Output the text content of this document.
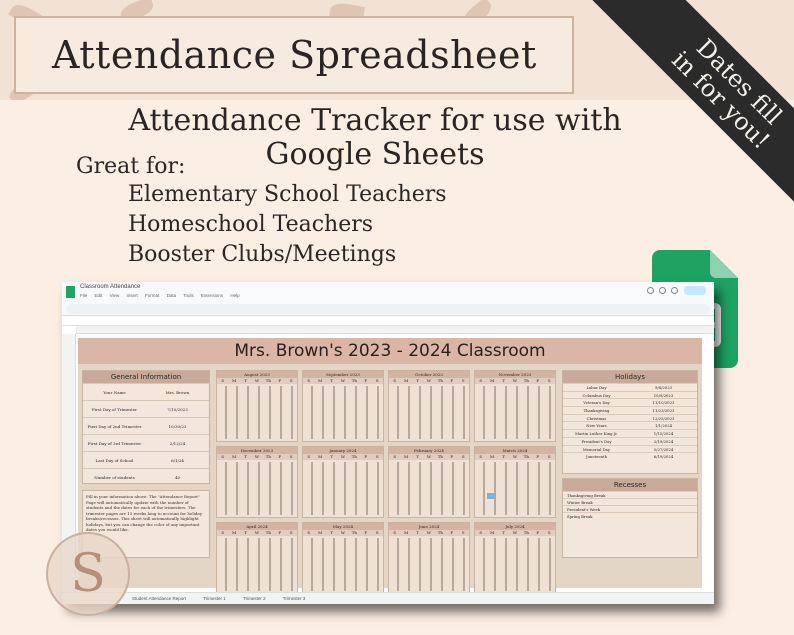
Attendance Spreadsheet	Dates fill
in for you!
Attendance Tracker for use with Google Sheets
Great for:
Elementary School Teachers
Homeschool Teachers
Booster Clubs/Meetings
Classroom Attendance
File Edit View Insert Format Data Tools Extensions Help
Mrs. Brown's 2023 - 2024 Classroom
General Information
Your Name	Mrs. Brown
First Day of Trimester	7/10/2023
First Day of 2nd Trimester	10/30/23
First Day of 3rd Trimester	2/12/24
Last Day of School	6/1/24
Number of students	40
Fill in your information above. The "Attendance Report" Page will automatically update with the number of students and the dates for each of the trimesters. The trimester pages are 15 weeks long to account for holiday breaks/recesses. This sheet will automatically highlight holidays, but you can change the color of any important dates you would like.
August 2023
S	M	T	W	Th	F	S
September 2023
S	M	T	W	Th	F	S
October 2023
S	M	T	W	Th	F	S
November 2023
S	M	T	W	Th	F	S
December 2023
S	M	T	W	Th	F	S
January 2024
S	M	T	W	Th	F	S
February 2024
S	M	T	W	Th	F	S
March 2024
S	M	T	W	Th	F	S
April 2024
S	M	T	W	Th	F	S
May 2024
S	M	T	W	Th	F	S
June 2024
S	M	T	W	Th	F	S
July 2024
S	M	T	W	Th	F	S
Holidays
Labor Day	9/4/2023
Columbus Day	10/9/2023
Veteran's Day	11/10/2023
Thanksgiving	11/23/2023
Christmas	12/25/2023
New Years	1/1/2024
Martin Luther King Jr.	1/15/2024
President's Day	2/19/2024
Memorial Day	5/27/2024
Juneteenth	6/19/2024
Recesses
Thanksgiving Break
Winter Break
President's Week
Spring Break
Student Attendance Report	Trimester 1	Trimester 2	Trimester 3
S
